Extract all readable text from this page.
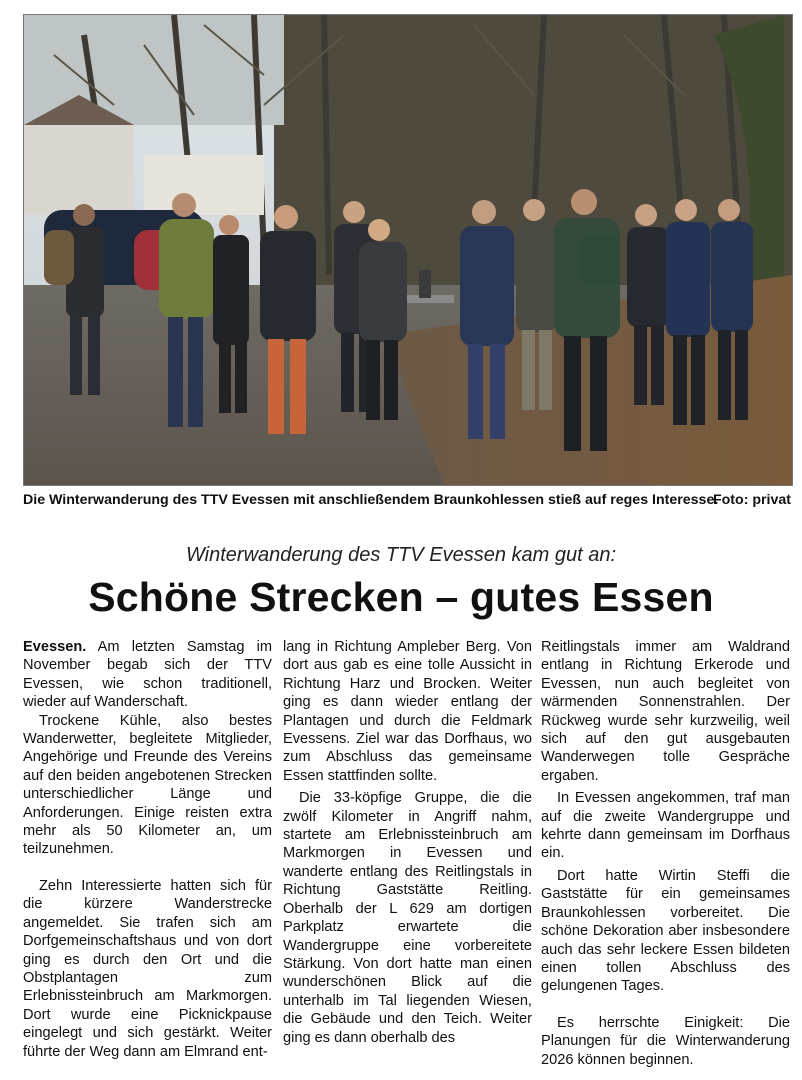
Die Winterwanderung des TTV Evessen mit anschließendem Braunkohlessen stieß auf reges Interesse.
Foto: privat
Winterwanderung des TTV Evessen kam gut an:
Schöne Strecken – gutes Essen

Evessen. Am letzten Samstag im November begab sich der TTV Evessen, wie schon traditionell, wieder auf Wanderschaft.

Trockene Kühle, also bestes Wanderwetter, begleitete Mitglieder, Angehörige und Freunde des Vereins auf den beiden angebotenen Strecken unterschiedlicher Länge und Anforderungen. Einige reisten extra mehr als 50 Kilometer an, um teilzunehmen.

Zehn Interessierte hatten sich für die kürzere Wanderstrecke angemeldet. Sie trafen sich am Dorfgemeinschaftshaus und von dort ging es durch den Ort und die Obstplantagen zum Erlebnissteinbruch am Markmorgen. Dort wurde eine Picknickpause eingelegt und sich gestärkt. Weiter führte der Weg dann am Elmrand ent-

lang in Richtung Ampleber Berg. Von dort aus gab es eine tolle Aussicht in Richtung Harz und Brocken. Weiter ging es dann wieder entlang der Plantagen und durch die Feldmark Evessens. Ziel war das Dorfhaus, wo zum Abschluss das gemeinsame Essen stattfinden sollte.

Die 33-köpfige Gruppe, die die zwölf Kilometer in Angriff nahm, startete am Erlebnissteinbruch am Markmorgen in Evessen und wanderte entlang des Reitlingstals in Richtung Gaststätte Reitling. Oberhalb der L 629 am dortigen Parkplatz erwartete die Wandergruppe eine vorbereitete Stärkung. Von dort hatte man einen wunderschönen Blick auf die unterhalb im Tal liegenden Wiesen, die Gebäude und den Teich. Weiter ging es dann oberhalb des

Reitlingstals immer am Waldrand entlang in Richtung Erkerode und Evessen, nun auch begleitet von wärmenden Sonnenstrahlen. Der Rückweg wurde sehr kurzweilig, weil sich auf den gut ausgebauten Wanderwegen tolle Gespräche ergaben.

In Evessen angekommen, traf man auf die zweite Wandergruppe und kehrte dann gemeinsam im Dorfhaus ein.

Dort hatte Wirtin Steffi die Gaststätte für ein gemeinsames Braunkohlessen vorbereitet. Die schöne Dekoration aber insbesondere auch das sehr leckere Essen bildeten einen tollen Abschluss des gelungenen Tages.

Es herrschte Einigkeit: Die Planungen für die Winterwanderung 2026 können beginnen.
